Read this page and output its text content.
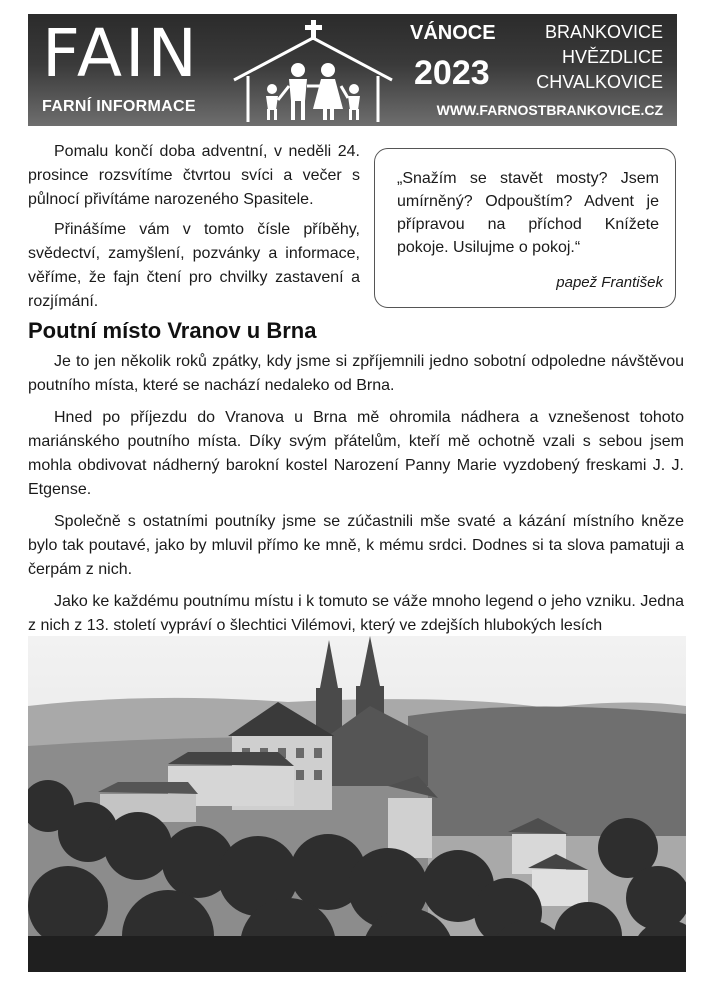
FAIN
FARNÍ INFORMACE
VÁNOCE
2023
BRANKOVICE
HVĚZDLICE
CHVALKOVICE
WWW.FARNOSTBRANKOVICE.CZ

Pomalu končí doba adventní, v neděli 24. prosince rozsvítíme čtvrtou svíci a večer s půlnocí přivítáme narozeného Spasitele.

Přinášíme vám v tomto čísle příběhy, svědectví, zamyšlení, pozvánky a informace, věříme, že fajn čtení pro chvilky zastavení a rozjímání.

„Snažím se stavět mosty? Jsem umírněný? Odpouštím? Advent je přípravou na příchod Knížete pokoje. Usilujme o pokoj.“

papež František
Poutní místo Vranov u Brna

Je to jen několik roků zpátky, kdy jsme si zpříjemnili jedno sobotní odpoledne návštěvou poutního místa, které se nachází nedaleko od Brna.

Hned po příjezdu do Vranova u Brna mě ohromila nádhera a vznešenost tohoto mariánského poutního místa. Díky svým přátelům, kteří mě ochotně vzali s sebou jsem mohla obdivovat nádherný barokní kostel Narození Panny Marie vyzdobený freskami J. J. Etgense.

Společně s ostatními poutníky jsme se zúčastnili mše svaté a kázání místního kněze bylo tak poutavé, jako by mluvil přímo ke mně, k mému srdci. Dodnes si ta slova pamatuji a čerpám z nich.

Jako ke každému poutnímu místu i k tomuto se váže mnoho legend o jeho vzniku. Jedna z nich z 13. století vypráví o šlechtici Vilémovi, který ve zdejších hlubokých lesích
